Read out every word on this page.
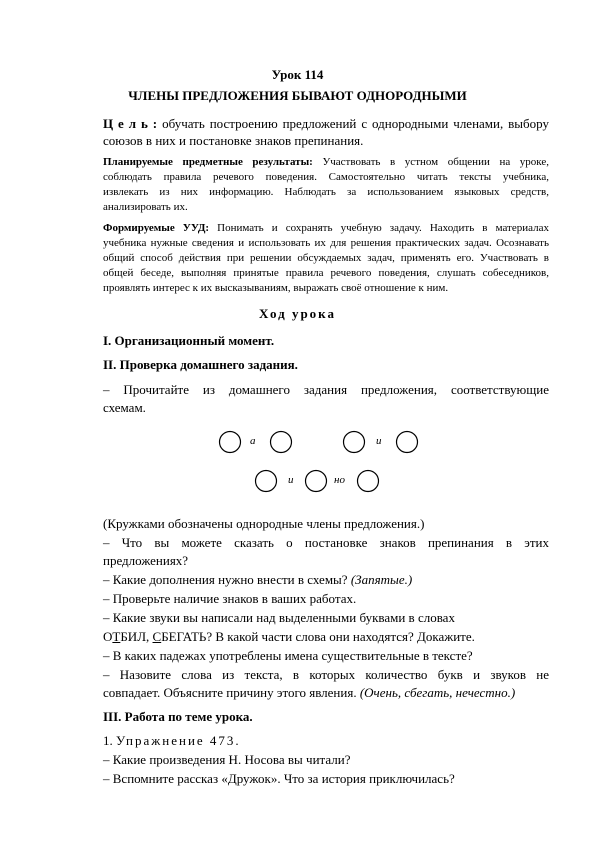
Урок 114
ЧЛЕНЫ ПРЕДЛОЖЕНИЯ БЫВАЮТ ОДНОРОДНЫМИ
Ц е л ь : обучать построению предложений с однородными членами, выбору
союзов в них и постановке знаков препинания.
Планируемые предметные результаты: Участвовать в устном общении на уроке,
соблюдать правила речевого поведения. Самостоятельно читать тексты учебника,
извлекать из них информацию. Наблюдать за использованием языковых средств,
анализировать их.
Формируемые УУД: Понимать и сохранять учебную задачу. Находить в материалах
учебника нужные сведения и использовать их для решения практических задач. Осознавать
общий способ действия при решении обсуждаемых задач, применять его. Участвовать в
общей беседе, выполняя принятые правила речевого поведения, слушать собеседников,
проявлять интерес к их высказываниям, выражать своё отношение к ним.
Ход урока
I. Организационный момент.
II. Проверка домашнего задания.
– Прочитайте из домашнего задания предложения, соответствующие
схемам.
а	и
и	но
(Кружками обозначены однородные члены предложения.)
– Что вы можете сказать о постановке знаков препинания в этих
предложениях?
– Какие дополнения нужно внести в схемы? (Запятые.)
– Проверьте наличие знаков в ваших работах.
– Какие звуки вы написали над выделенными буквами в словах
ОТБИЛ, СБЕГАТЬ? В какой части слова они находятся? Докажите.
– В каких падежах употреблены имена существительные в тексте?
– Назовите слова из текста, в которых количество букв и звуков не
совпадает. Объясните причину этого явления. (Очень, сбегать, нечестно.)
III. Работа по теме урока.
1. Упражнение 473.
– Какие произведения Н. Носова вы читали?
– Вспомните рассказ «Дружок». Что за история приключилась?
